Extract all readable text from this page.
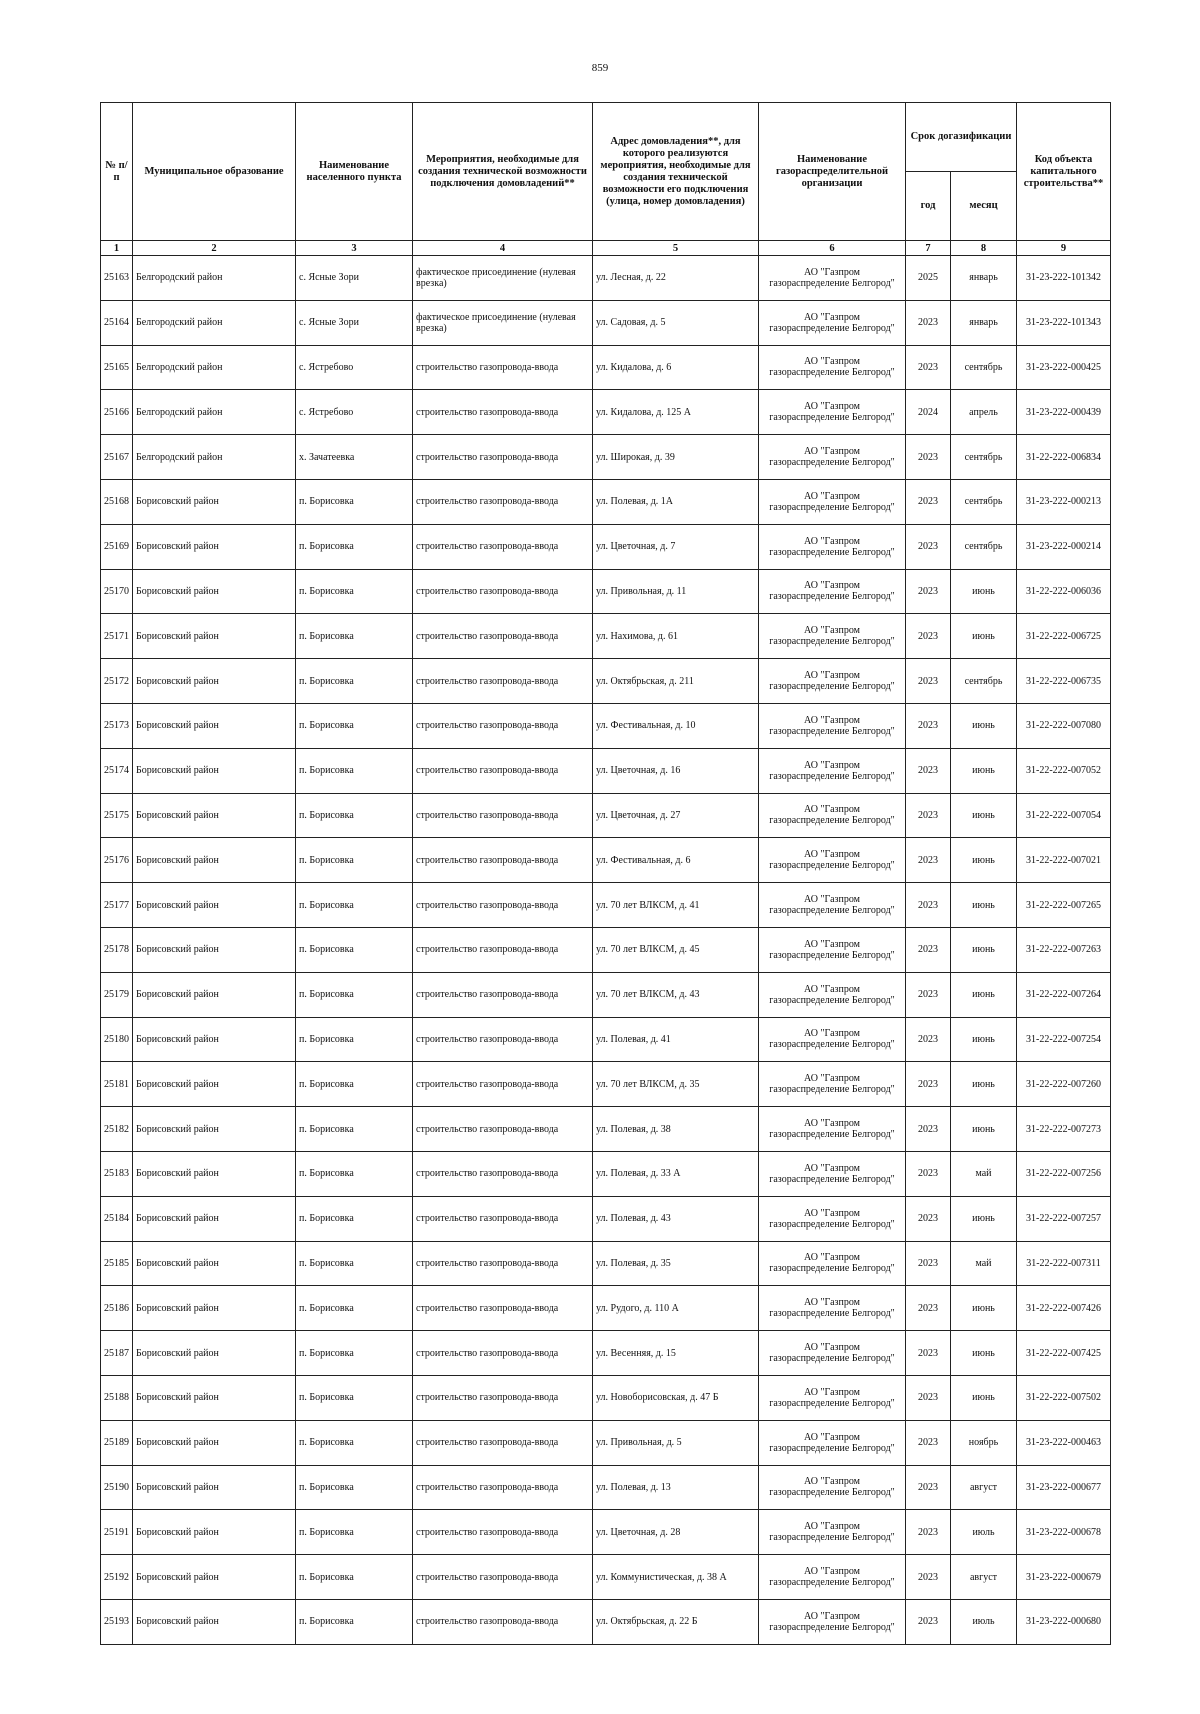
859
№ п/п	Муниципальное образование	Наименование населенного пункта	Мероприятия, необходимые для создания технической возможности подключения домовладений**	Адрес домовладения**, для которого реализуются мероприятия, необходимые для создания технической возможности его подключения (улица, номер домовладения)	Наименование газораспределительной организации	Срок догазификации		Код объекта капитального строительства**
						год	месяц	
1	2	3	4	5	6	7	8	9
25163	Белгородский район	с. Ясные Зори	фактическое присоединение (нулевая врезка)	ул. Лесная, д. 22	АО "Газпром
газораспределение Белгород"	2025	январь	31-23-222-101342
25164	Белгородский район	с. Ясные Зори	фактическое присоединение (нулевая врезка)	ул. Садовая, д. 5	АО "Газпром
газораспределение Белгород"	2023	январь	31-23-222-101343
25165	Белгородский район	с. Ястребово	строительство газопровода-ввода	ул. Кидалова, д. 6	АО "Газпром
газораспределение Белгород"	2023	сентябрь	31-23-222-000425
25166	Белгородский район	с. Ястребово	строительство газопровода-ввода	ул. Кидалова, д. 125 А	АО "Газпром
газораспределение Белгород"	2024	апрель	31-23-222-000439
25167	Белгородский район	х. Зачатеевка	строительство газопровода-ввода	ул. Широкая, д. 39	АО "Газпром
газораспределение Белгород"	2023	сентябрь	31-22-222-006834
25168	Борисовский район	п. Борисовка	строительство газопровода-ввода	ул. Полевая, д. 1А	АО "Газпром
газораспределение Белгород"	2023	сентябрь	31-23-222-000213
25169	Борисовский район	п. Борисовка	строительство газопровода-ввода	ул. Цветочная, д. 7	АО "Газпром
газораспределение Белгород"	2023	сентябрь	31-23-222-000214
25170	Борисовский район	п. Борисовка	строительство газопровода-ввода	ул. Привольная, д. 11	АО "Газпром
газораспределение Белгород"	2023	июнь	31-22-222-006036
25171	Борисовский район	п. Борисовка	строительство газопровода-ввода	ул. Нахимова, д. 61	АО "Газпром
газораспределение Белгород"	2023	июнь	31-22-222-006725
25172	Борисовский район	п. Борисовка	строительство газопровода-ввода	ул. Октябрьская, д. 211	АО "Газпром
газораспределение Белгород"	2023	сентябрь	31-22-222-006735
25173	Борисовский район	п. Борисовка	строительство газопровода-ввода	ул. Фестивальная, д. 10	АО "Газпром
газораспределение Белгород"	2023	июнь	31-22-222-007080
25174	Борисовский район	п. Борисовка	строительство газопровода-ввода	ул. Цветочная, д. 16	АО "Газпром
газораспределение Белгород"	2023	июнь	31-22-222-007052
25175	Борисовский район	п. Борисовка	строительство газопровода-ввода	ул. Цветочная, д. 27	АО "Газпром
газораспределение Белгород"	2023	июнь	31-22-222-007054
25176	Борисовский район	п. Борисовка	строительство газопровода-ввода	ул. Фестивальная, д. 6	АО "Газпром
газораспределение Белгород"	2023	июнь	31-22-222-007021
25177	Борисовский район	п. Борисовка	строительство газопровода-ввода	ул. 70 лет ВЛКСМ, д. 41	АО "Газпром
газораспределение Белгород"	2023	июнь	31-22-222-007265
25178	Борисовский район	п. Борисовка	строительство газопровода-ввода	ул. 70 лет ВЛКСМ, д. 45	АО "Газпром
газораспределение Белгород"	2023	июнь	31-22-222-007263
25179	Борисовский район	п. Борисовка	строительство газопровода-ввода	ул. 70 лет ВЛКСМ, д. 43	АО "Газпром
газораспределение Белгород"	2023	июнь	31-22-222-007264
25180	Борисовский район	п. Борисовка	строительство газопровода-ввода	ул. Полевая, д. 41	АО "Газпром
газораспределение Белгород"	2023	июнь	31-22-222-007254
25181	Борисовский район	п. Борисовка	строительство газопровода-ввода	ул. 70 лет ВЛКСМ, д. 35	АО "Газпром
газораспределение Белгород"	2023	июнь	31-22-222-007260
25182	Борисовский район	п. Борисовка	строительство газопровода-ввода	ул. Полевая, д. 38	АО "Газпром
газораспределение Белгород"	2023	июнь	31-22-222-007273
25183	Борисовский район	п. Борисовка	строительство газопровода-ввода	ул. Полевая, д. 33 А	АО "Газпром
газораспределение Белгород"	2023	май	31-22-222-007256
25184	Борисовский район	п. Борисовка	строительство газопровода-ввода	ул. Полевая, д. 43	АО "Газпром
газораспределение Белгород"	2023	июнь	31-22-222-007257
25185	Борисовский район	п. Борисовка	строительство газопровода-ввода	ул. Полевая, д. 35	АО "Газпром
газораспределение Белгород"	2023	май	31-22-222-007311
25186	Борисовский район	п. Борисовка	строительство газопровода-ввода	ул. Рудого, д. 110 А	АО "Газпром
газораспределение Белгород"	2023	июнь	31-22-222-007426
25187	Борисовский район	п. Борисовка	строительство газопровода-ввода	ул. Весенняя, д. 15	АО "Газпром
газораспределение Белгород"	2023	июнь	31-22-222-007425
25188	Борисовский район	п. Борисовка	строительство газопровода-ввода	ул. Новоборисовская, д. 47 Б	АО "Газпром
газораспределение Белгород"	2023	июнь	31-22-222-007502
25189	Борисовский район	п. Борисовка	строительство газопровода-ввода	ул. Привольная, д. 5	АО "Газпром
газораспределение Белгород"	2023	ноябрь	31-23-222-000463
25190	Борисовский район	п. Борисовка	строительство газопровода-ввода	ул. Полевая, д. 13	АО "Газпром
газораспределение Белгород"	2023	август	31-23-222-000677
25191	Борисовский район	п. Борисовка	строительство газопровода-ввода	ул. Цветочная, д. 28	АО "Газпром
газораспределение Белгород"	2023	июль	31-23-222-000678
25192	Борисовский район	п. Борисовка	строительство газопровода-ввода	ул. Коммунистическая, д. 38 А	АО "Газпром
газораспределение Белгород"	2023	август	31-23-222-000679
25193	Борисовский район	п. Борисовка	строительство газопровода-ввода	ул. Октябрьская, д. 22 Б	АО "Газпром
газораспределение Белгород"	2023	июль	31-23-222-000680
